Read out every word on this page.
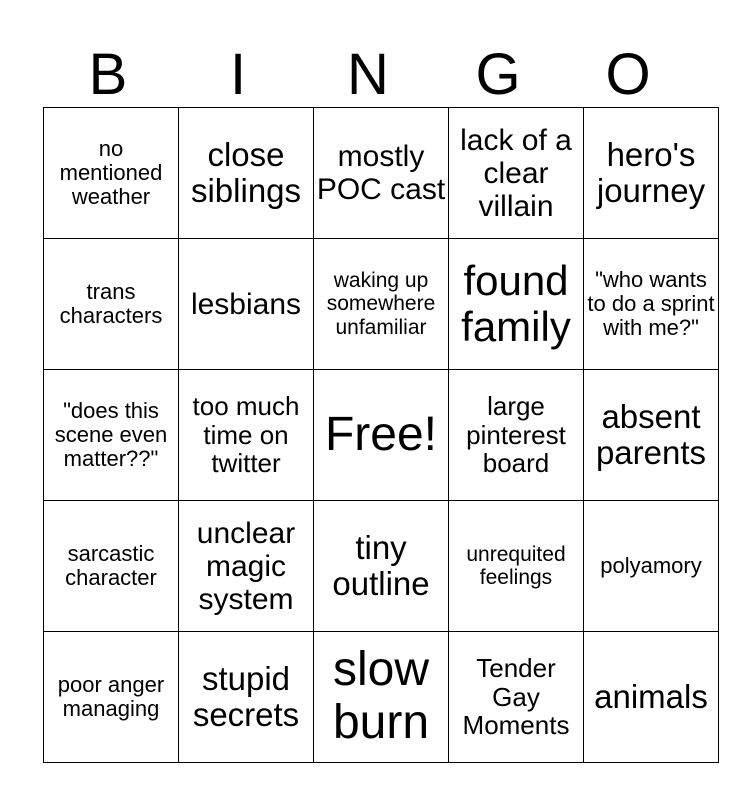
B	I	N	G	O
no mentioned weather	close siblings	mostly POC cast	lack of a clear villain	hero's journey
trans characters	lesbians	waking up somewhere unfamiliar	found family	"who wants to do a sprint with me?"
"does this scene even matter??"	too much time on twitter	Free!	large pinterest board	absent parents
sarcastic character	unclear magic system	tiny outline	unrequited feelings	polyamory
poor anger managing	stupid secrets	slow burn	Tender Gay Moments	animals
